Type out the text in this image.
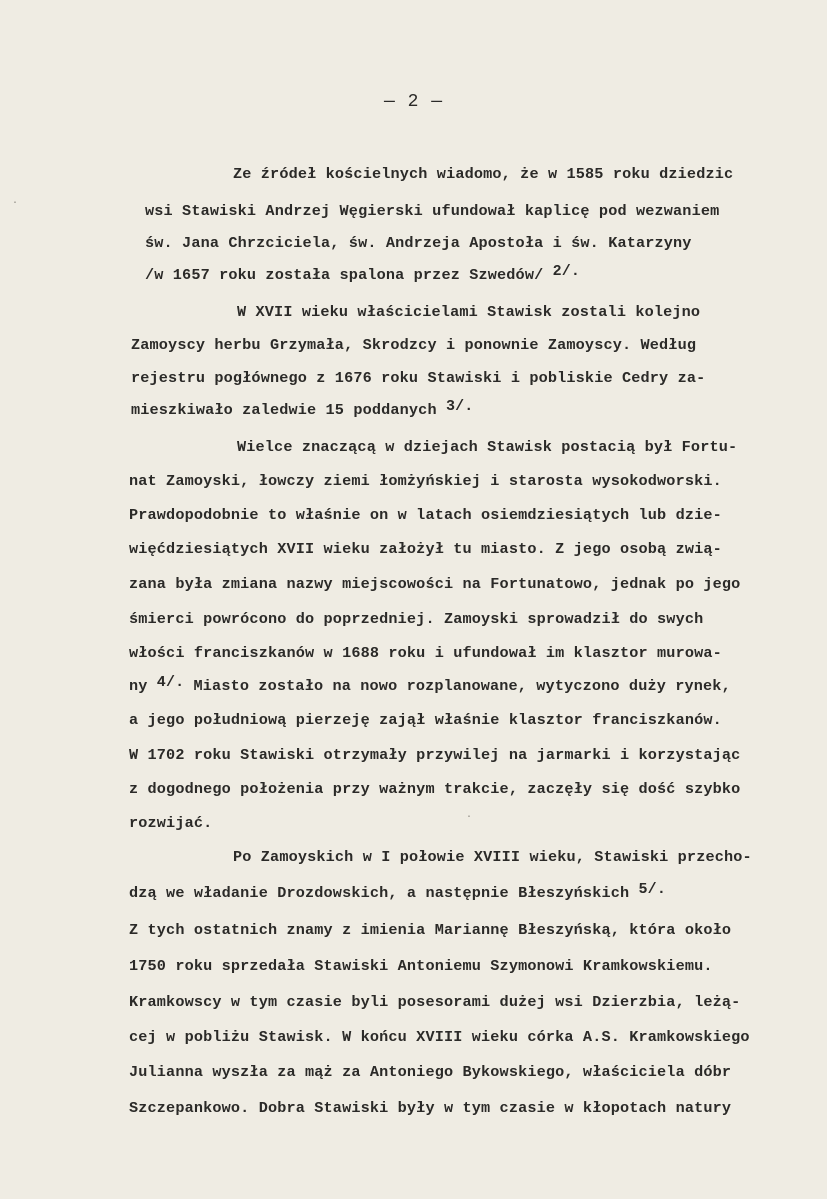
— 2 —
Ze źródeł kościelnych wiadomo, że w 1585 roku dziedzic
wsi Stawiski Andrzej Węgierski ufundował kaplicę pod wezwaniem
św. Jana Chrzciciela, św. Andrzeja Apostoła i św. Katarzyny
/w 1657 roku została spalona przez Szwedów/ $^{2/.}$
W XVII wieku właścicielami Stawisk zostali kolejno
Zamoyscy herbu Grzymała, Skrodzcy i ponownie Zamoyscy. Według
rejestru pogłównego z 1676 roku Stawiski i pobliskie Cedry za-
mieszkiwało zaledwie 15 poddanych $^{3/.}$
Wielce znaczącą w dziejach Stawisk postacią był Fortu-
nat Zamoyski, łowczy ziemi łomżyńskiej i starosta wysokodworski.
Prawdopodobnie to właśnie on w latach osiemdziesiątych lub dzie-
więćdziesiątych XVII wieku założył tu miasto. Z jego osobą zwią-
zana była zmiana nazwy miejscowości na Fortunatowo, jednak po jego
śmierci powrócono do poprzedniej. Zamoyski sprowadził do swych
włości franciszkanów w 1688 roku i ufundował im klasztor murowa-
ny $^{4/.}$ Miasto zostało na nowo rozplanowane, wytyczono duży rynek,
a jego południową pierzeję zajął właśnie klasztor franciszkanów.
W 1702 roku Stawiski otrzymały przywilej na jarmarki i korzystając
z dogodnego położenia przy ważnym trakcie, zaczęły się dość szybko
rozwijać.
Po Zamoyskich w I połowie XVIII wieku, Stawiski przecho-
dzą we władanie Drozdowskich, a następnie Błeszyńskich $^{5/.}$
Z tych ostatnich znamy z imienia Mariannę Błeszyńską, która około
1750 roku sprzedała Stawiski Antoniemu Szymonowi Kramkowskiemu.
Kramkowscy w tym czasie byli posesorami dużej wsi Dzierzbia, leżą-
cej w pobliżu Stawisk. W końcu XVIII wieku córka A.S. Kramkowskiego
Julianna wyszła za mąż za Antoniego Bykowskiego, właściciela dóbr
Szczepankowo. Dobra Stawiski były w tym czasie w kłopotach natury
·
·
